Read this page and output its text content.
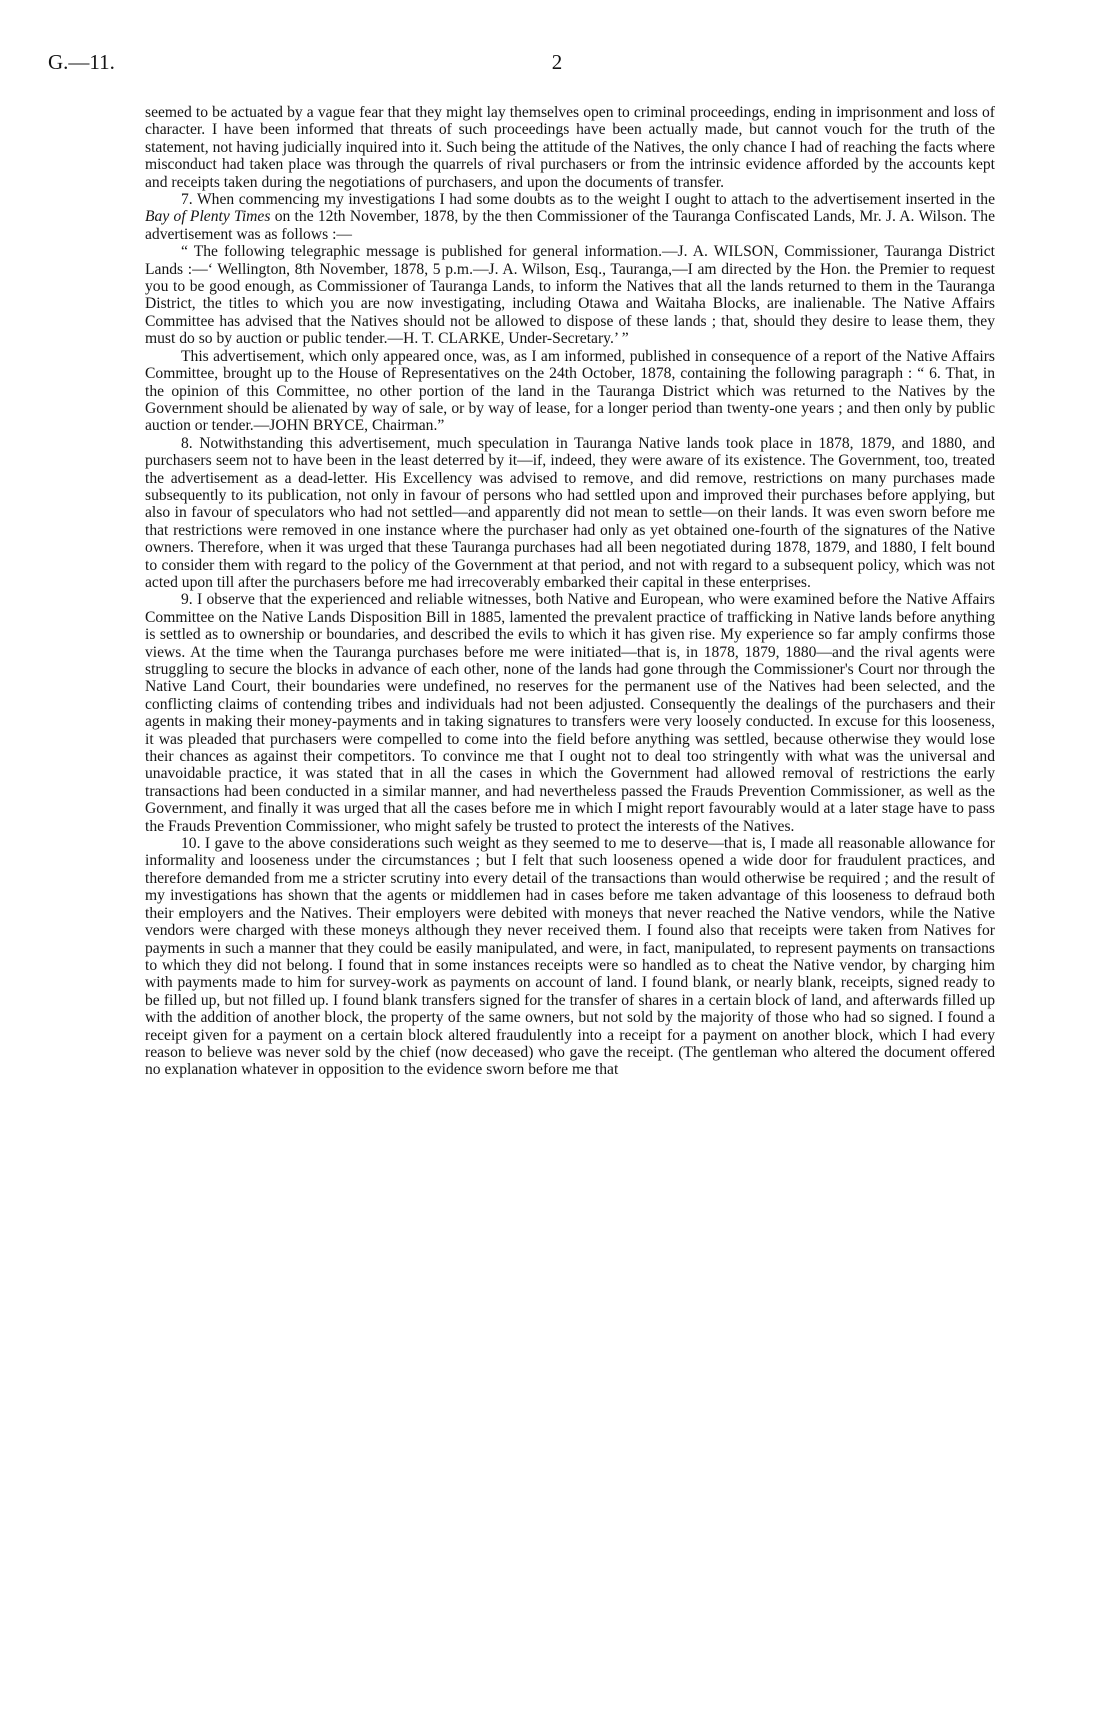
G.—11.	2

seemed to be actuated by a vague fear that they might lay themselves open to criminal proceedings, ending in imprisonment and loss of character. I have been informed that threats of such proceedings have been actually made, but cannot vouch for the truth of the statement, not having judicially inquired into it. Such being the attitude of the Natives, the only chance I had of reaching the facts where misconduct had taken place was through the quarrels of rival purchasers or from the intrinsic evidence afforded by the accounts kept and receipts taken during the negotiations of purchasers, and upon the documents of transfer.

7. When commencing my investigations I had some doubts as to the weight I ought to attach to the advertisement inserted in the Bay of Plenty Times on the 12th November, 1878, by the then Commissioner of the Tauranga Confiscated Lands, Mr. J. A. Wilson. The advertisement was as follows :—

“ The following telegraphic message is published for general information.—J. A. WILSON, Commissioner, Tauranga District Lands :—‘ Wellington, 8th November, 1878, 5 p.m.—J. A. Wilson, Esq., Tauranga,—I am directed by the Hon. the Premier to request you to be good enough, as Commissioner of Tauranga Lands, to inform the Natives that all the lands returned to them in the Tauranga District, the titles to which you are now investigating, including Otawa and Waitaha Blocks, are inalienable. The Native Affairs Committee has advised that the Natives should not be allowed to dispose of these lands ; that, should they desire to lease them, they must do so by auction or public tender.—H. T. CLARKE, Under-Secretary.’ ”

This advertisement, which only appeared once, was, as I am informed, published in consequence of a report of the Native Affairs Committee, brought up to the House of Representatives on the 24th October, 1878, containing the following paragraph : “ 6. That, in the opinion of this Committee, no other portion of the land in the Tauranga District which was returned to the Natives by the Government should be alienated by way of sale, or by way of lease, for a longer period than twenty-one years ; and then only by public auction or tender.—JOHN BRYCE, Chairman.”

8. Notwithstanding this advertisement, much speculation in Tauranga Native lands took place in 1878, 1879, and 1880, and purchasers seem not to have been in the least deterred by it—if, indeed, they were aware of its existence. The Government, too, treated the advertisement as a dead-letter. His Excellency was advised to remove, and did remove, restrictions on many purchases made subsequently to its publication, not only in favour of persons who had settled upon and improved their purchases before applying, but also in favour of speculators who had not settled—and apparently did not mean to settle—on their lands. It was even sworn before me that restrictions were removed in one instance where the purchaser had only as yet obtained one-fourth of the signatures of the Native owners. Therefore, when it was urged that these Tauranga purchases had all been negotiated during 1878, 1879, and 1880, I felt bound to consider them with regard to the policy of the Government at that period, and not with regard to a subsequent policy, which was not acted upon till after the purchasers before me had irrecoverably embarked their capital in these enterprises.

9. I observe that the experienced and reliable witnesses, both Native and European, who were examined before the Native Affairs Committee on the Native Lands Disposition Bill in 1885, lamented the prevalent practice of trafficking in Native lands before anything is settled as to ownership or boundaries, and described the evils to which it has given rise. My experience so far amply confirms those views. At the time when the Tauranga purchases before me were initiated—that is, in 1878, 1879, 1880—and the rival agents were struggling to secure the blocks in advance of each other, none of the lands had gone through the Commissioner's Court nor through the Native Land Court, their boundaries were undefined, no reserves for the permanent use of the Natives had been selected, and the conflicting claims of contending tribes and individuals had not been adjusted. Consequently the dealings of the purchasers and their agents in making their money-payments and in taking signatures to transfers were very loosely conducted. In excuse for this looseness, it was pleaded that purchasers were compelled to come into the field before anything was settled, because otherwise they would lose their chances as against their competitors. To convince me that I ought not to deal too stringently with what was the universal and unavoidable practice, it was stated that in all the cases in which the Government had allowed removal of restrictions the early transactions had been conducted in a similar manner, and had nevertheless passed the Frauds Prevention Commissioner, as well as the Government, and finally it was urged that all the cases before me in which I might report favourably would at a later stage have to pass the Frauds Prevention Commissioner, who might safely be trusted to protect the interests of the Natives.

10. I gave to the above considerations such weight as they seemed to me to deserve—that is, I made all reasonable allowance for informality and looseness under the circumstances ; but I felt that such looseness opened a wide door for fraudulent practices, and therefore demanded from me a stricter scrutiny into every detail of the transactions than would otherwise be required ; and the result of my investigations has shown that the agents or middlemen had in cases before me taken advantage of this looseness to defraud both their employers and the Natives. Their employers were debited with moneys that never reached the Native vendors, while the Native vendors were charged with these moneys although they never received them. I found also that receipts were taken from Natives for payments in such a manner that they could be easily manipulated, and were, in fact, manipulated, to represent payments on transactions to which they did not belong. I found that in some instances receipts were so handled as to cheat the Native vendor, by charging him with payments made to him for survey-work as payments on account of land. I found blank, or nearly blank, receipts, signed ready to be filled up, but not filled up. I found blank transfers signed for the transfer of shares in a certain block of land, and afterwards filled up with the addition of another block, the property of the same owners, but not sold by the majority of those who had so signed. I found a receipt given for a payment on a certain block altered fraudulently into a receipt for a payment on another block, which I had every reason to believe was never sold by the chief (now deceased) who gave the receipt. (The gentleman who altered the document offered no explanation whatever in opposition to the evidence sworn before me that
